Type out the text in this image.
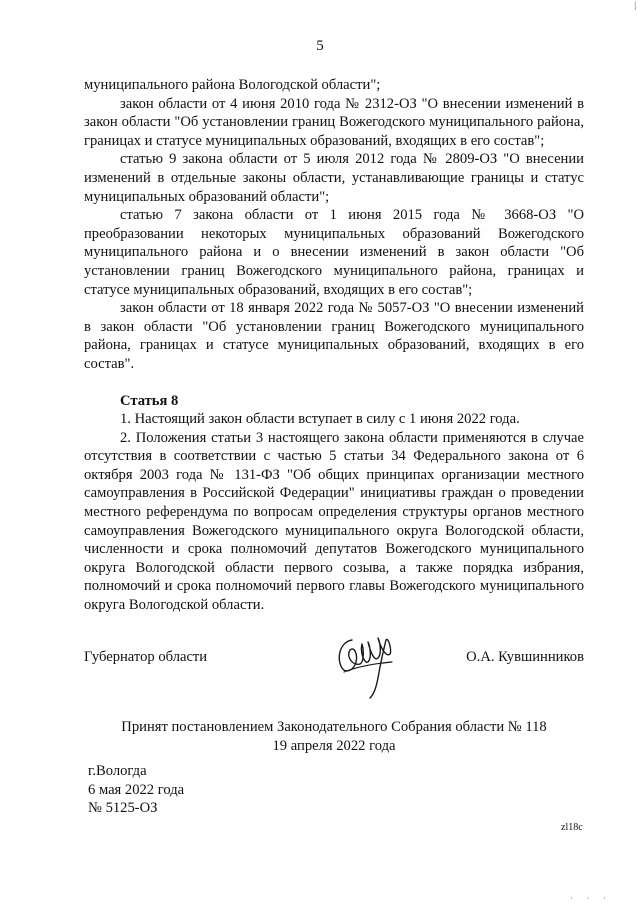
|
5

муниципального района Вологодской области";

закон области от 4 июня 2010 года № 2312-ОЗ "О внесении изменений в закон области "Об установлении границ Вожегодского муниципального района, границах и статусе муниципальных образований, входящих в его состав";

статью 9 закона области от 5 июля 2012 года № 2809-ОЗ "О внесении изменений в отдельные законы области, устанавливающие границы и статус муниципальных образований области";

статью 7 закона области от 1 июня 2015 года № 3668-ОЗ "О преобразовании некоторых муниципальных образований Вожегодского муниципального района и о внесении изменений в закон области "Об установлении границ Вожегодского муниципального района, границах и статусе муниципальных образований, входящих в его состав";

закон области от 18 января 2022 года № 5057-ОЗ "О внесении изменений в закон области "Об установлении границ Вожегодского муниципального района, границах и статусе муниципальных образований, входящих в его состав".

Статья 8

1. Настоящий закон области вступает в силу с 1 июня 2022 года.

2. Положения статьи 3 настоящего закона области применяются в случае отсутствия в соответствии с частью 5 статьи 34 Федерального закона от 6 октября 2003 года № 131-ФЗ "Об общих принципах организации местного самоуправления в Российской Федерации" инициативы граждан о проведении местного референдума по вопросам определения структуры органов местного самоуправления Вожегодского муниципального округа Вологодской области, численности и срока полномочий депутатов Вожегодского муниципального округа Вологодской области первого созыва, а также порядка избрания, полномочий и срока полномочий первого главы Вожегодского муниципального округа Вологодской области.

Губернатор области	О.А. Кувшинников
Принят постановлением Законодательного Собрания области № 118
19 апреля 2022 года
г.Вологда
6 мая 2022 года
№ 5125-ОЗ
zl18c
· · ·
